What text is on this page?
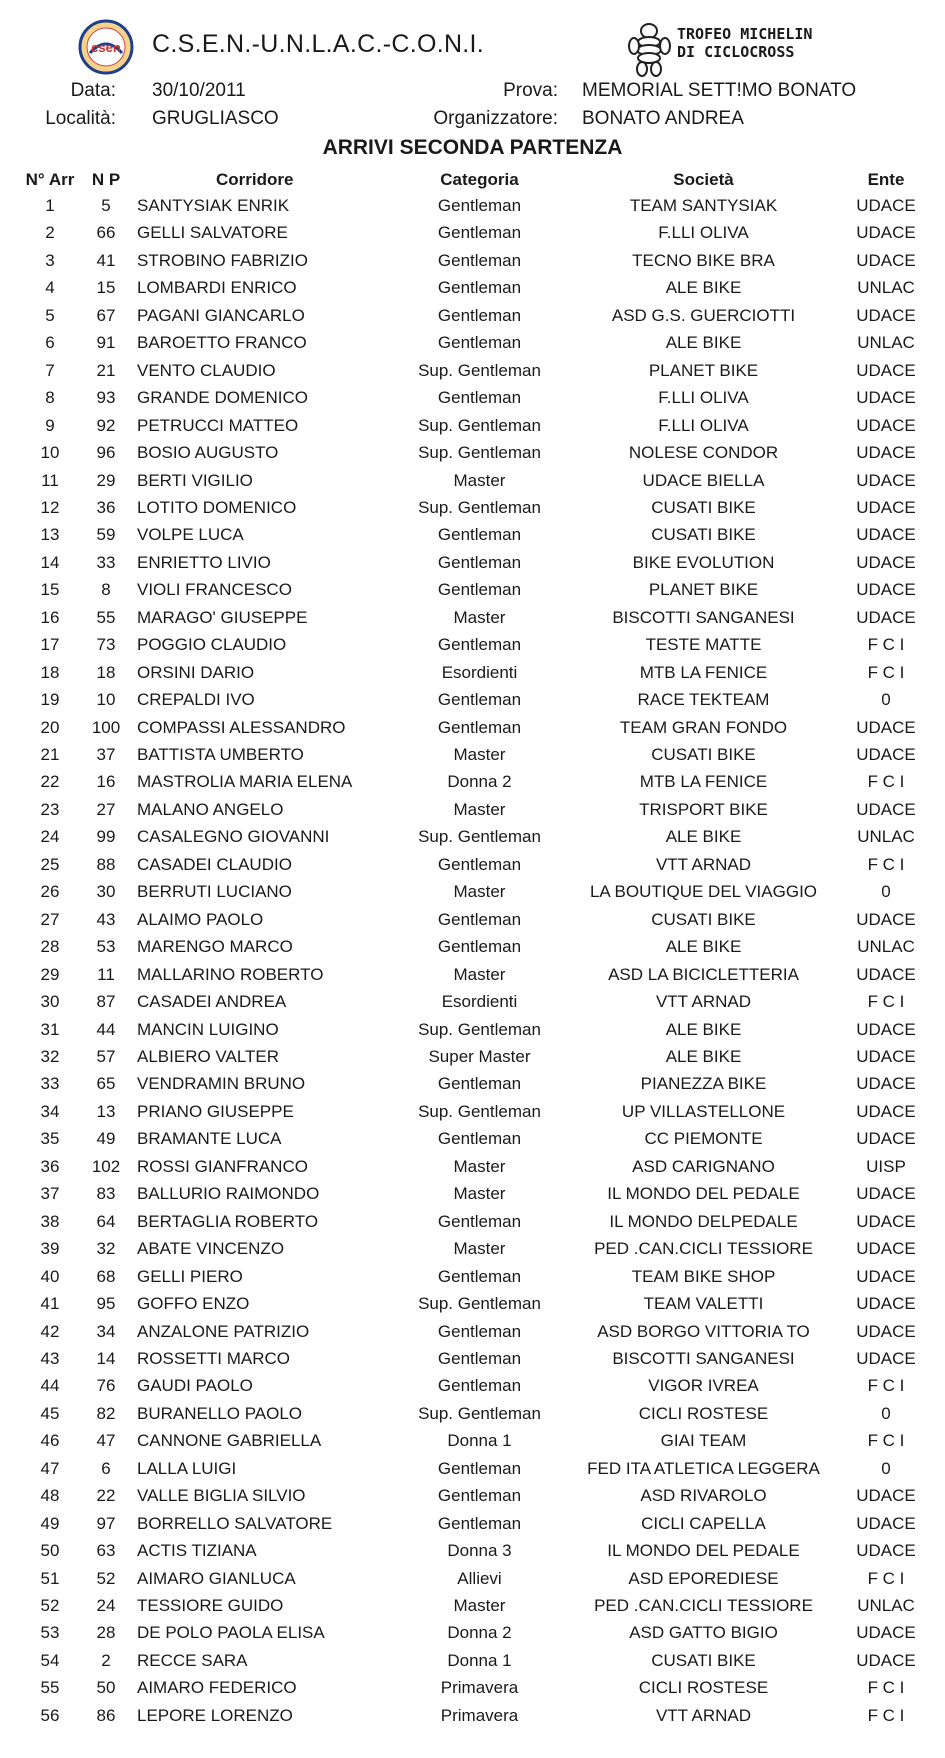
csen C.S.E.N.-U.N.L.A.C.-C.O.N.I.	TROFEO MICHELIN
DI CICLOCROSS
Data: 30/10/2011
Località: GRUGLIASCO
Prova: MEMORIAL SETT!MO BONATO
Organizzatore: BONATO ANDREA
ARRIVI SECONDA PARTENZA
N° Arr	N P	Corridore	Categoria	Società	Ente
1	5	SANTYSIAK ENRIK	Gentleman	TEAM SANTYSIAK	UDACE
2	66	GELLI SALVATORE	Gentleman	F.LLI OLIVA	UDACE
3	41	STROBINO FABRIZIO	Gentleman	TECNO BIKE BRA	UDACE
4	15	LOMBARDI ENRICO	Gentleman	ALE BIKE	UNLAC
5	67	PAGANI GIANCARLO	Gentleman	ASD G.S. GUERCIOTTI	UDACE
6	91	BAROETTO FRANCO	Gentleman	ALE BIKE	UNLAC
7	21	VENTO CLAUDIO	Sup. Gentleman	PLANET BIKE	UDACE
8	93	GRANDE DOMENICO	Gentleman	F.LLI OLIVA	UDACE
9	92	PETRUCCI MATTEO	Sup. Gentleman	F.LLI OLIVA	UDACE
10	96	BOSIO AUGUSTO	Sup. Gentleman	NOLESE CONDOR	UDACE
11	29	BERTI VIGILIO	Master	UDACE BIELLA	UDACE
12	36	LOTITO DOMENICO	Sup. Gentleman	CUSATI BIKE	UDACE
13	59	VOLPE LUCA	Gentleman	CUSATI BIKE	UDACE
14	33	ENRIETTO LIVIO	Gentleman	BIKE EVOLUTION	UDACE
15	8	VIOLI FRANCESCO	Gentleman	PLANET BIKE	UDACE
16	55	MARAGO' GIUSEPPE	Master	BISCOTTI SANGANESI	UDACE
17	73	POGGIO CLAUDIO	Gentleman	TESTE MATTE	F C I
18	18	ORSINI DARIO	Esordienti	MTB LA FENICE	F C I
19	10	CREPALDI IVO	Gentleman	RACE TEKTEAM	0
20	100 COMPASSI ALESSANDRO	Gentleman	TEAM GRAN FONDO	UDACE
21	37	BATTISTA UMBERTO	Master	CUSATI BIKE	UDACE
22	16	MASTROLIA MARIA ELENA	Donna 2	MTB LA FENICE	F C I
23	27	MALANO ANGELO	Master	TRISPORT BIKE	UDACE
24	99	CASALEGNO GIOVANNI	Sup. Gentleman	ALE BIKE	UNLAC
25	88	CASADEI CLAUDIO	Gentleman	VTT ARNAD	F C I
26	30	BERRUTI LUCIANO	Master	LA BOUTIQUE DEL VIAGGIO	0
27	43	ALAIMO PAOLO	Gentleman	CUSATI BIKE	UDACE
28	53	MARENGO MARCO	Gentleman	ALE BIKE	UNLAC
29	11	MALLARINO ROBERTO	Master	ASD LA BICICLETTERIA	UDACE
30	87	CASADEI ANDREA	Esordienti	VTT ARNAD	F C I
31	44	MANCIN LUIGINO	Sup. Gentleman	ALE BIKE	UDACE
32	57	ALBIERO VALTER	Super Master	ALE BIKE	UDACE
33	65	VENDRAMIN BRUNO	Gentleman	PIANEZZA BIKE	UDACE
34	13	PRIANO GIUSEPPE	Sup. Gentleman	UP VILLASTELLONE	UDACE
35	49	BRAMANTE LUCA	Gentleman	CC PIEMONTE	UDACE
36	102 ROSSI GIANFRANCO	Master	ASD CARIGNANO	UISP
37	83	BALLURIO RAIMONDO	Master	IL MONDO DEL PEDALE	UDACE
38	64	BERTAGLIA ROBERTO	Gentleman	IL MONDO DELPEDALE	UDACE
39	32	ABATE VINCENZO	Master	PED .CAN.CICLI TESSIORE	UDACE
40	68	GELLI PIERO	Gentleman	TEAM BIKE SHOP	UDACE
41	95	GOFFO ENZO	Sup. Gentleman	TEAM VALETTI	UDACE
42	34	ANZALONE PATRIZIO	Gentleman	ASD BORGO VITTORIA TO	UDACE
43	14	ROSSETTI MARCO	Gentleman	BISCOTTI SANGANESI	UDACE
44	76	GAUDI PAOLO	Gentleman	VIGOR IVREA	F C I
45	82	BURANELLO PAOLO	Sup. Gentleman	CICLI ROSTESE	0
46	47	CANNONE GABRIELLA	Donna 1	GIAI TEAM	F C I
47	6	LALLA LUIGI	Gentleman	FED ITA ATLETICA LEGGERA	0
48	22	VALLE BIGLIA SILVIO	Gentleman	ASD RIVAROLO	UDACE
49	97	BORRELLO SALVATORE	Gentleman	CICLI CAPELLA	UDACE
50	63	ACTIS TIZIANA	Donna 3	IL MONDO DEL PEDALE	UDACE
51	52	AIMARO GIANLUCA	Allievi	ASD EPOREDIESE	F C I
52	24	TESSIORE GUIDO	Master	PED .CAN.CICLI TESSIORE	UNLAC
53	28	DE POLO PAOLA ELISA	Donna 2	ASD GATTO BIGIO	UDACE
54	2	RECCE SARA	Donna 1	CUSATI BIKE	UDACE
55	50	AIMARO FEDERICO	Primavera	CICLI ROSTESE	F C I
56	86	LEPORE LORENZO	Primavera	VTT ARNAD	F C I
